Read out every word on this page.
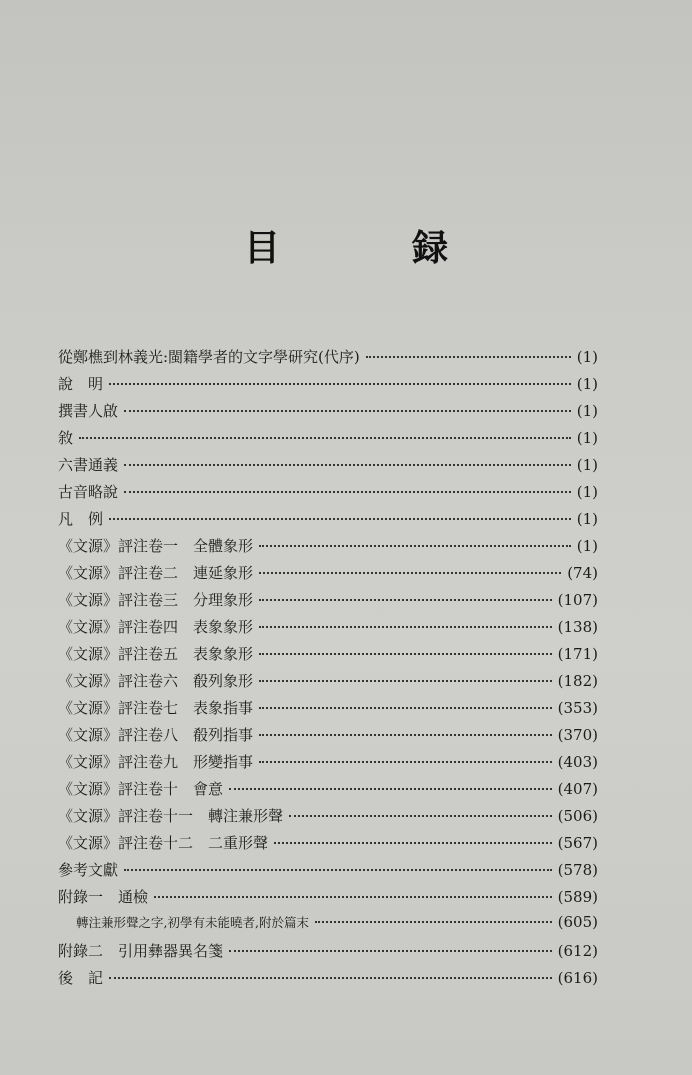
目　録
從鄭樵到林義光:閩籍學者的文字學研究(代序)	(1)
說　明	(1)
撰書人啟	(1)
敘	(1)
六書通義	(1)
古音略說	(1)
凡　例	(1)
《文源》評注卷一　全體象形	(1)
《文源》評注卷二　連延象形	(74)
《文源》評注卷三　分理象形	(107)
《文源》評注卷四　表象象形	(138)
《文源》評注卷五　表象象形	(171)
《文源》評注卷六　殽列象形	(182)
《文源》評注卷七　表象指事	(353)
《文源》評注卷八　殽列指事	(370)
《文源》評注卷九　形變指事	(403)
《文源》評注卷十　會意	(407)
《文源》評注卷十一　轉注兼形聲	(506)
《文源》評注卷十二　二重形聲	(567)
參考文獻	(578)
附錄一　通檢	(589)
轉注兼形聲之字,初學有未能曉者,附於篇末	(605)
附錄二　引用彝器異名箋	(612)
後　記	(616)
